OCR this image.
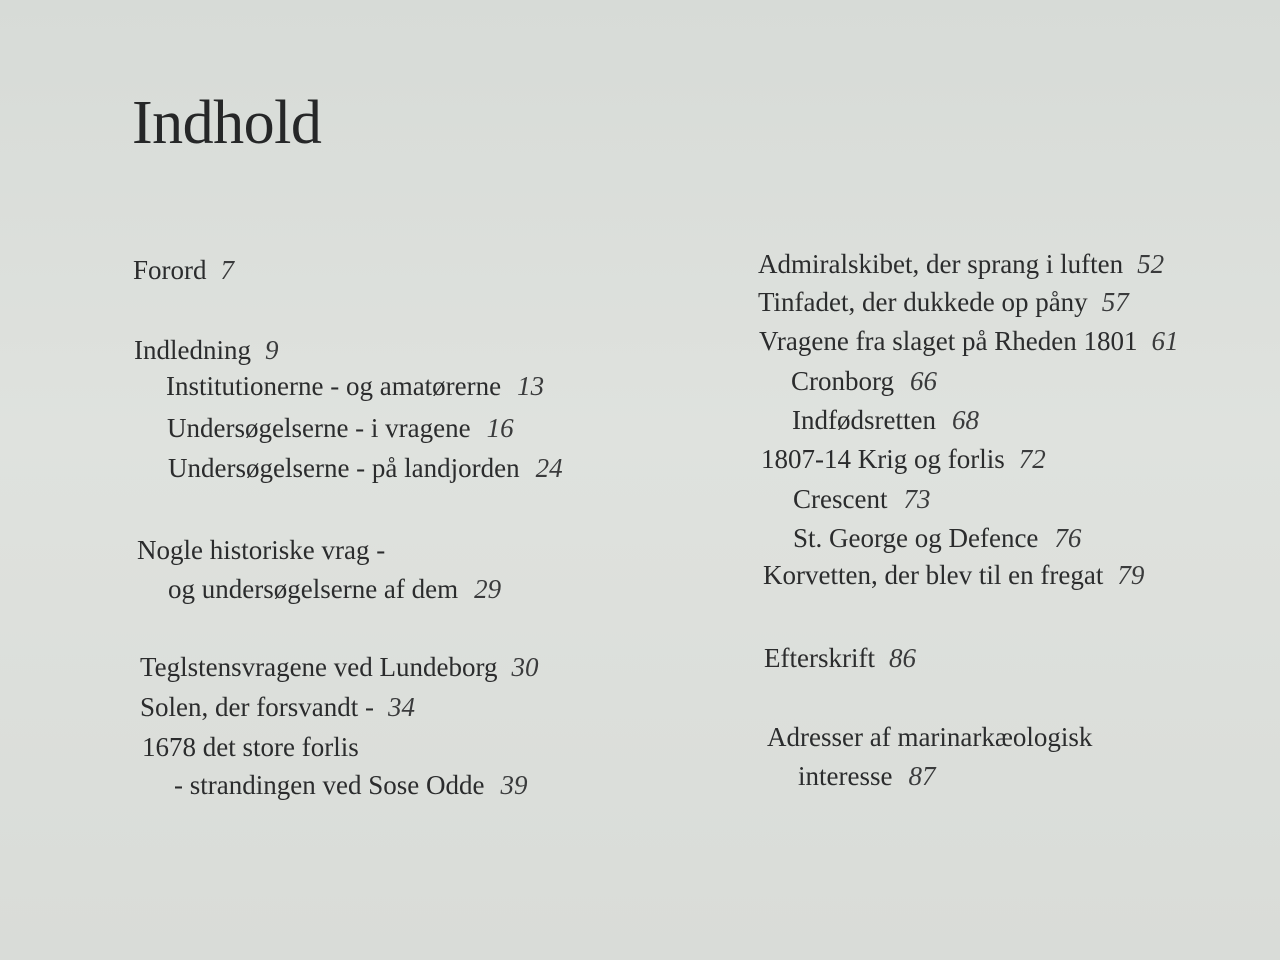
Indhold
Forord 7
Indledning 9
Institutionerne - og amatørerne 13
Undersøgelserne - i vragene 16
Undersøgelserne - på landjorden 24
Nogle historiske vrag -
og undersøgelserne af dem 29
Teglstensvragene ved Lundeborg 30
Solen, der forsvandt - 34
1678 det store forlis
- strandingen ved Sose Odde 39
Admiralskibet, der sprang i luften 52
Tinfadet, der dukkede op påny 57
Vragene fra slaget på Rheden 1801 61
Cronborg 66
Indfødsretten 68
1807-14 Krig og forlis 72
Crescent 73
St. George og Defence 76
Korvetten, der blev til en fregat 79
Efterskrift 86
Adresser af marinarkæologisk
interesse 87
